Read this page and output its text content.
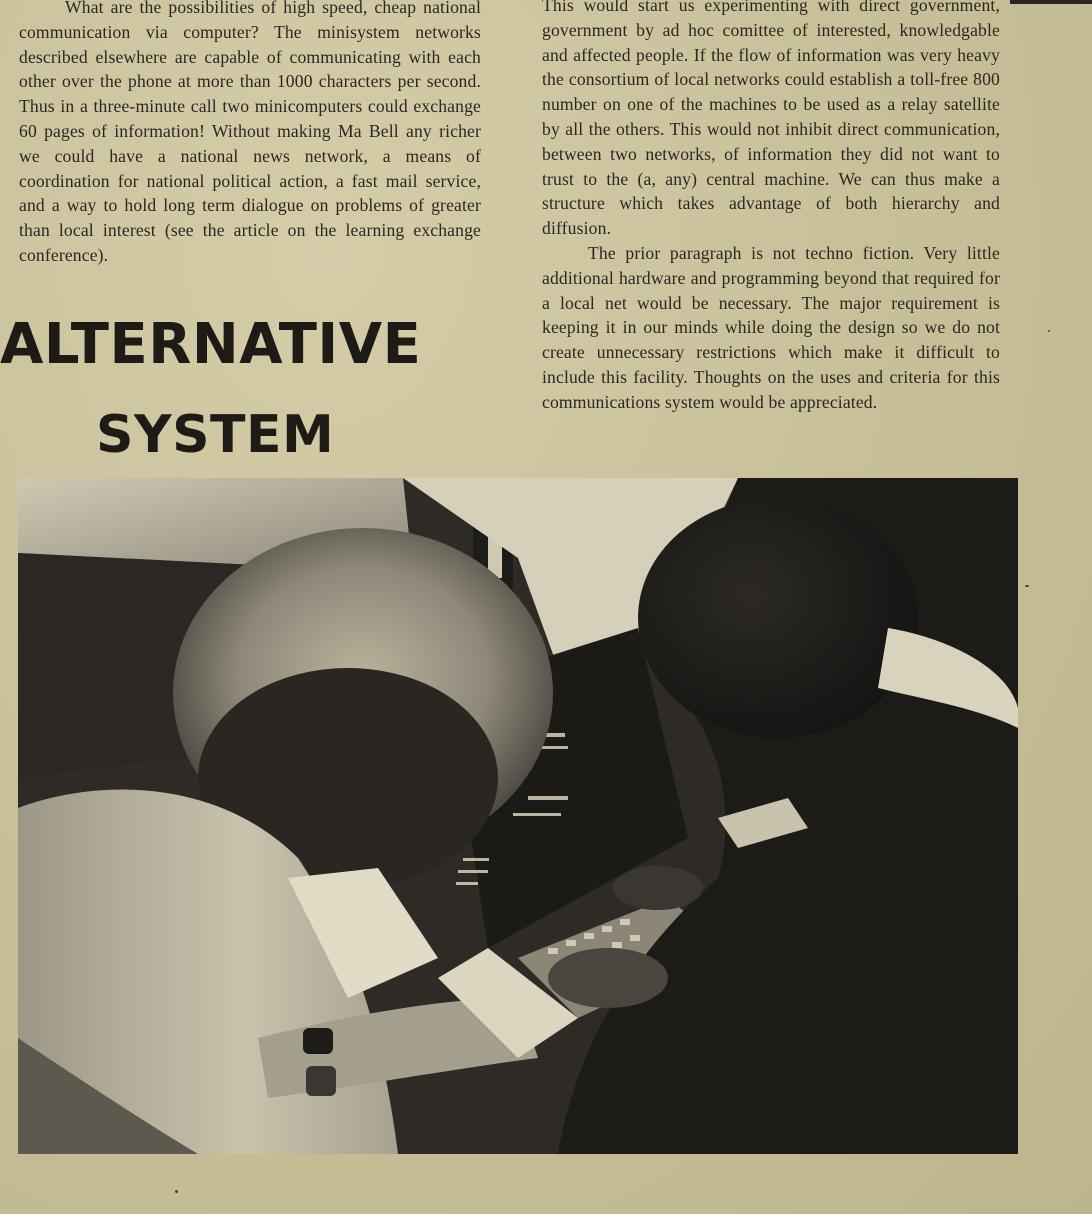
What are the possibilities of high speed, cheap national communication via computer? The minisystem networks described elsewhere are capable of communicating with each other over the phone at more than 1000 characters per second. Thus in a three-minute call two minicomputers could exchange 60 pages of information! Without making Ma Bell any richer we could have a national news network, a means of coordination for national political action, a fast mail service, and a way to hold long term dialogue on problems of greater than local interest (see the article on the learning exchange conference).

ALTERNATIVE
SYSTEM

This would start us experimenting with direct government, government by ad hoc comittee of interested, knowledgable and affected people. If the flow of information was very heavy the consortium of local networks could establish a toll-free 800 number on one of the machines to be used as a relay satellite by all the others. This would not inhibit direct communication, between two networks, of information they did not want to trust to the (a, any) central machine. We can thus make a structure which takes advantage of both hierarchy and diffusion.

The prior paragraph is not techno fiction. Very little additional hardware and programming beyond that required for a local net would be necessary. The major requirement is keeping it in our minds while doing the design so we do not create unnecessary restrictions which make it difficult to include this facility. Thoughts on the uses and criteria for this communications system would be appreciated.
